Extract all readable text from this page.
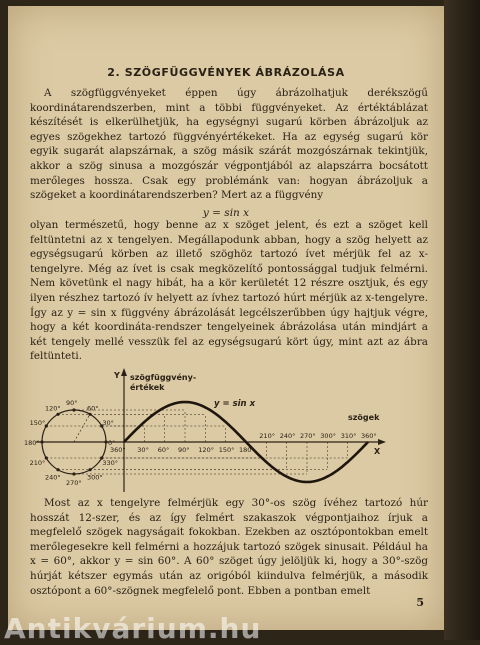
2. SZÖGFÜGGVÉNYEK ÁBRÁZOLÁSA

A szögfüggvényeket éppen úgy ábrázolhatjuk derékszögű koordinátarendszerben, mint a többi függvényeket. Az értéktáblázat készítését is elkerülhetjük, ha egységnyi sugarú körben ábrázoljuk az egyes szögekhez tartozó függvényértékeket. Ha az egység sugarú kör egyik sugarát alapszárnak, a szög másik szárát mozgószárnak tekintjük, akkor a szög sinusa a mozgószár végpontjából az alapszárra bocsátott merőleges hossza. Csak egy problémánk van: hogyan ábrázoljuk a szögeket a koordinátarendszerben? Mert az a függvény

y = sin x

olyan természetű, hogy benne az x szöget jelent, és ezt a szöget kell feltüntetni az x tengelyen. Megállapodunk abban, hogy a szög helyett az egységsugarú körben az illető szöghöz tartozó ívet mérjük fel az x-tengelyre. Még az ívet is csak megközelítő pontossággal tudjuk felmérni. Nem követünk el nagy hibát, ha a kör kerületét 12 részre osztjuk, és egy ilyen részhez tartozó ív helyett az ívhez tartozó húrt mérjük az x-tengelyre. Így az y = sin x függvény ábrázolását legcélszerűbben úgy hajtjuk végre, hogy a két koordináta-rendszer tengelyeinek ábrázolása után mindjárt a két tengely mellé vesszük fel az egységsugarú kört úgy, mint azt az ábra feltünteti.

0°
30°
60°
90°
120°
150°
180°
210°
240°
270°
300°
330°
szögfüggvény-
értékek
Y
X
szögek
y = sin x
30° 60° 90° 120° 150° 180°
210° 240° 270° 300° 310° 360°
360°

Most az x tengelyre felmérjük egy 30°-os szög ívéhez tartozó húr hosszát 12-szer, és az így felmért szakaszok végpontjaihoz írjuk a megfelelő szögek nagyságait fokokban. Ezekben az osztópontokban emelt merőlegesekre kell felmérni a hozzájuk tartozó szögek sinusait. Például ha x = 60°, akkor y = sin 60°. A 60° szöget úgy jelöljük ki, hogy a 30°-szög húrját kétszer egymás után az origóból kiindulva felmérjük, a második osztópont a 60°-szögnek megfelelő pont. Ebben a pontban emelt

5
Antikvárium.hu
